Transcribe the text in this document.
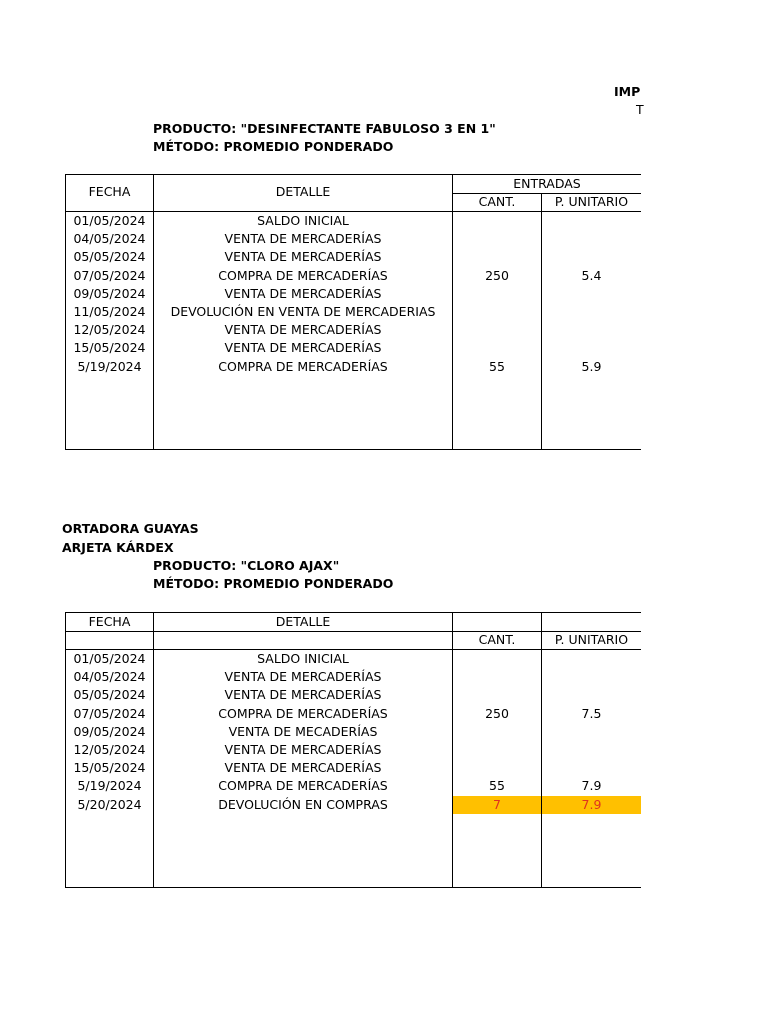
IMP
T
PRODUCTO: "DESINFECTANTE FABULOSO 3 EN 1"
MÉTODO: PROMEDIO PONDERADO
FECHA	DETALLE
ENTRADAS
CANT.	P. UNITARIO
01/05/2024	SALDO INICIAL
04/05/2024	VENTA DE MERCADERÍAS
05/05/2024	VENTA DE MERCADERÍAS
07/05/2024	COMPRA DE MERCADERÍAS	250	5.4
09/05/2024	VENTA DE MERCADERÍAS
11/05/2024	DEVOLUCIÓN EN VENTA DE MERCADERIAS
12/05/2024	VENTA DE MERCADERÍAS
15/05/2024	VENTA DE MERCADERÍAS
5/19/2024	COMPRA DE MERCADERÍAS	55	5.9
ORTADORA GUAYAS
ARJETA KÁRDEX
PRODUCTO: "CLORO AJAX"
MÉTODO: PROMEDIO PONDERADO
FECHA	DETALLE
CANT.	P. UNITARIO
01/05/2024	SALDO INICIAL
04/05/2024	VENTA DE MERCADERÍAS
05/05/2024	VENTA DE MERCADERÍAS
07/05/2024	COMPRA DE MERCADERÍAS	250	7.5
09/05/2024	VENTA DE MECADERÍAS
12/05/2024	VENTA DE MERCADERÍAS
15/05/2024	VENTA DE MERCADERÍAS
5/19/2024	COMPRA DE MERCADERÍAS	55	7.9
5/20/2024	DEVOLUCIÓN EN COMPRAS	7	7.9
